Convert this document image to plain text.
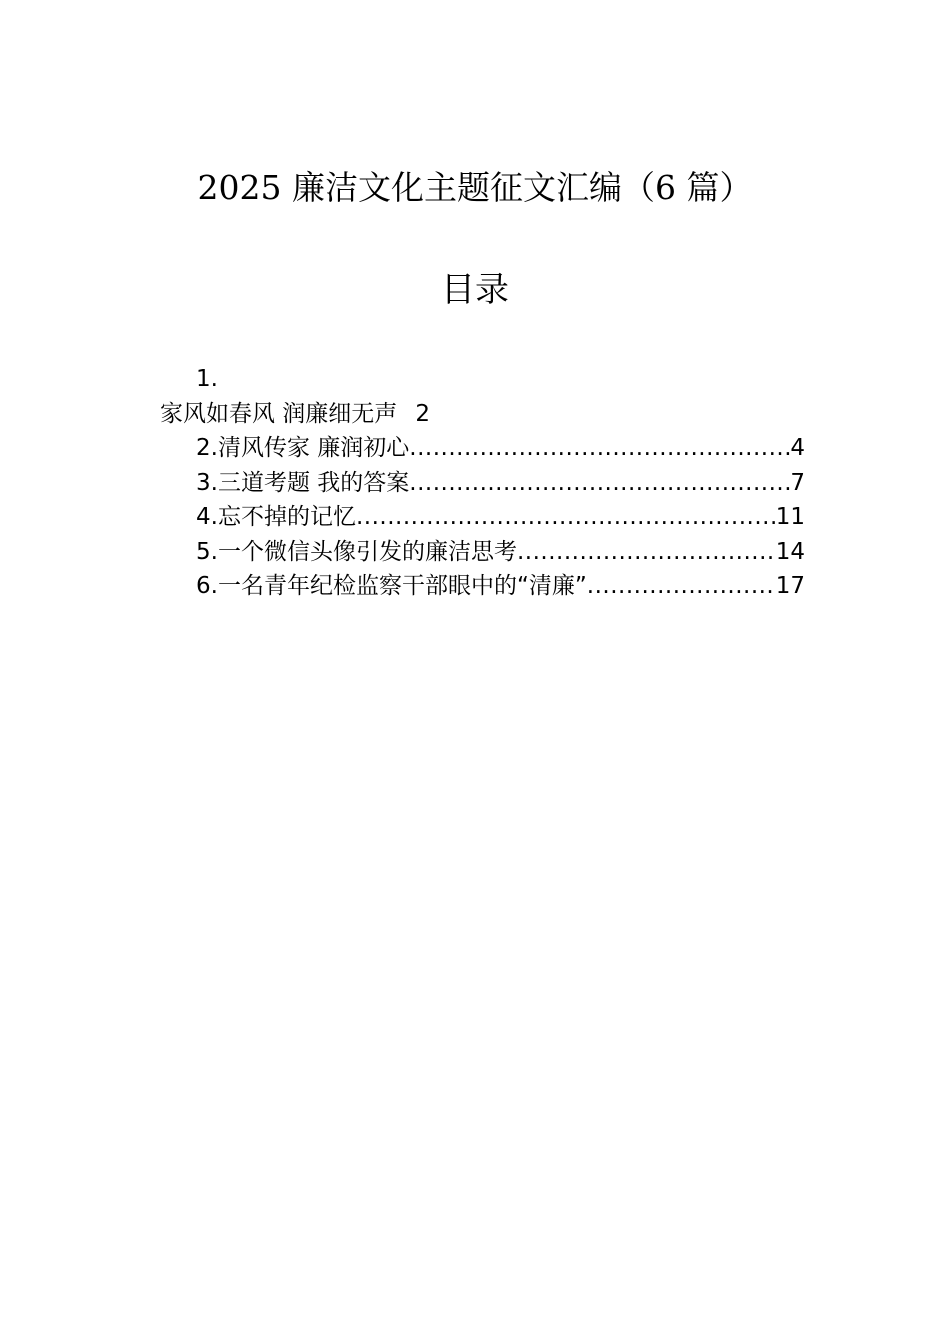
2025 廉洁文化主题征文汇编（6 篇）
目录
1.
家风如春风 润廉细无声 2
2.清风传家 廉润初心 .....	4
3.三道考题 我的答案 .....	7
4.忘不掉的记忆 .....	11
5.一个微信头像引发的廉洁思考 .....	14
6.一名青年纪检监察干部眼中的“清廉” .....	17
